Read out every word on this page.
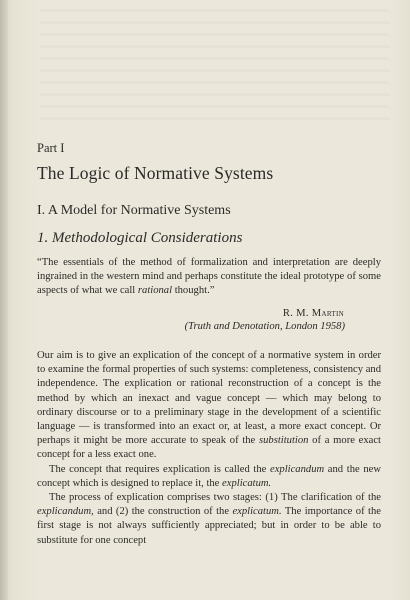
Part I
The Logic of Normative Systems
I. A Model for Normative Systems
1. Methodological Considerations
“The essentials of the method of formalization and interpretation are deeply ingrained in the western mind and perhaps constitute the ideal prototype of some aspects of what we call rational thought.”
R. M. Martin
(Truth and Denotation, London 1958)

Our aim is to give an explication of the concept of a normative system in order to examine the formal properties of such systems: completeness, consistency and independence. The explication or rational reconstruction of a concept is the method by which an inexact and vague concept — which may belong to ordinary discourse or to a preliminary stage in the development of a scientific language — is transformed into an exact or, at least, a more exact concept. Or perhaps it might be more accurate to speak of the substitution of a more exact concept for a less exact one.

The concept that requires explication is called the explicandum and the new concept which is designed to replace it, the explicatum.

The process of explication comprises two stages: (1) The clarification of the explicandum, and (2) the construction of the explicatum. The importance of the first stage is not always sufficiently appreciated; but in order to be able to substitute for one concept
